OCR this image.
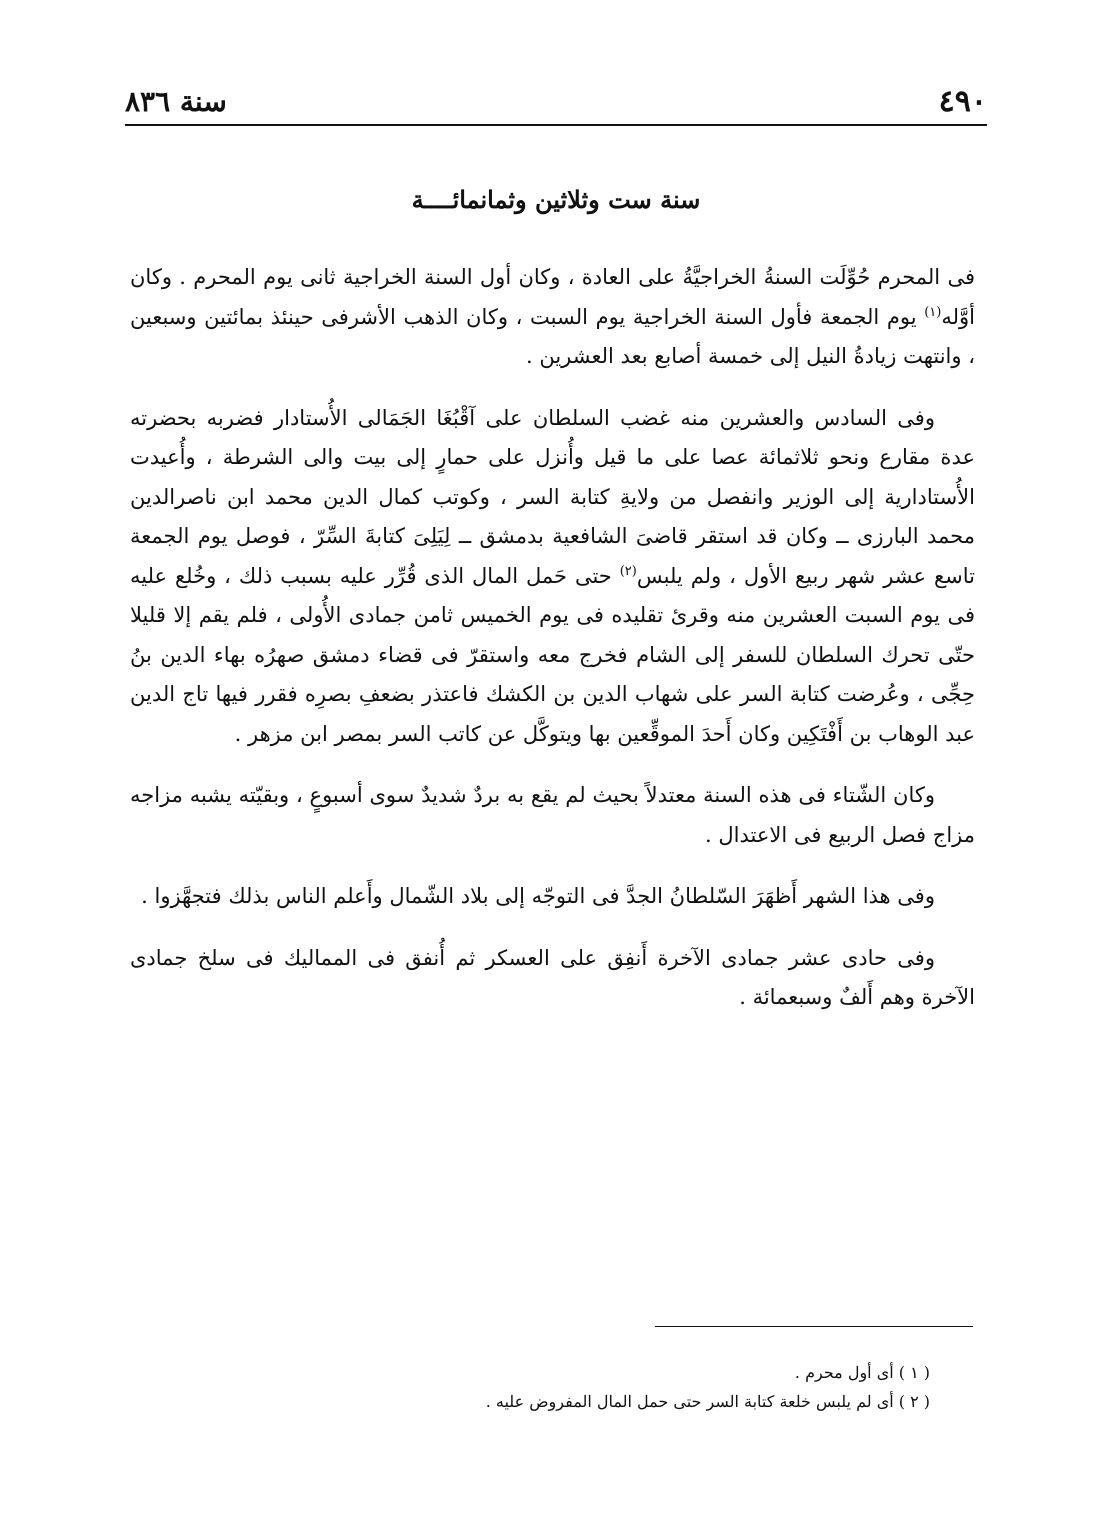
٤٩٠
سنة ٨٣٦
سنة ست وثلاثين وثمانمائــــة

فى المحرم حُوِّلَت السنةُ الخراجيَّةُ على العادة ، وكان أول السنة الخراجية ثانى يوم المحرم . وكان أوَّله$^{(١)}$ يوم الجمعة فأول السنة الخراجية يوم السبت ، وكان الذهب الأشرفى حينئذ بمائتين وسبعين ، وانتهت زيادةُ النيل إلى خمسة أصابع بعد العشرين .

وفى السادس والعشرين منه غضب السلطان على آقْبُغَا الجَمَالى الأُستادار فضربه بحضرته عدة مقارع ونحو ثلاثمائة عصا على ما قيل وأُنزل على حمارٍ إلى بيت والى الشرطة ، وأُعيدت الأُستادارية إلى الوزير وانفصل من ولايةِ كتابة السر ، وكوتب كمال الدين محمد ابن ناصرالدين محمد البارزى ــ وكان قد استقر قاضىَ الشافعية بدمشق ــ لِيَلِىَ كتابةَ السِّرّ ، فوصل يوم الجمعة تاسع عشر شهر ربيع الأول ، ولم يلبس$^{(٢)}$ حتى حَمل المال الذى قُرِّر عليه بسبب ذلك ، وخُلع عليه فى يوم السبت العشرين منه وقرئ تقليده فى يوم الخميس ثامن جمادى الأُولى ، فلم يقم إلا قليلا حتّى تحرك السلطان للسفر إلى الشام فخرج معه واستقرّ فى قضاء دمشق صهرُه بهاء الدين بنُ حِجِّى ، وعُرضت كتابة السر على شهاب الدين بن الكشك فاعتذر بضعفِ بصرِه فقرر فيها تاج الدين عبد الوهاب بن أَفْتَكِين وكان أَحدَ الموقِّعين بها ويتوكَّل عن كاتب السر بمصر ابن مزهر .

وكان الشّتاء فى هذه السنة معتدلاً بحيث لم يقع به بردٌ شديدٌ سوى أسبوعٍ ، وبقيّته يشبه مزاجه مزاج فصل الربيع فى الاعتدال .

وفى هذا الشهر أَظهَرَ السّلطانُ الجدَّ فى التوجّه إلى بلاد الشّمال وأَعلم الناس بذلك فتجهَّزوا .

وفى حادى عشر جمادى الآخرة أَنفِق على العسكر ثم أُنفق فى المماليك فى سلخ جمادى الآخرة وهم أَلفٌ وسبعمائة .

( ١ ) أى أول محرم .
( ٢ ) أى لم يلبس خلعة كتابة السر حتى حمل المال المفروض عليه .
